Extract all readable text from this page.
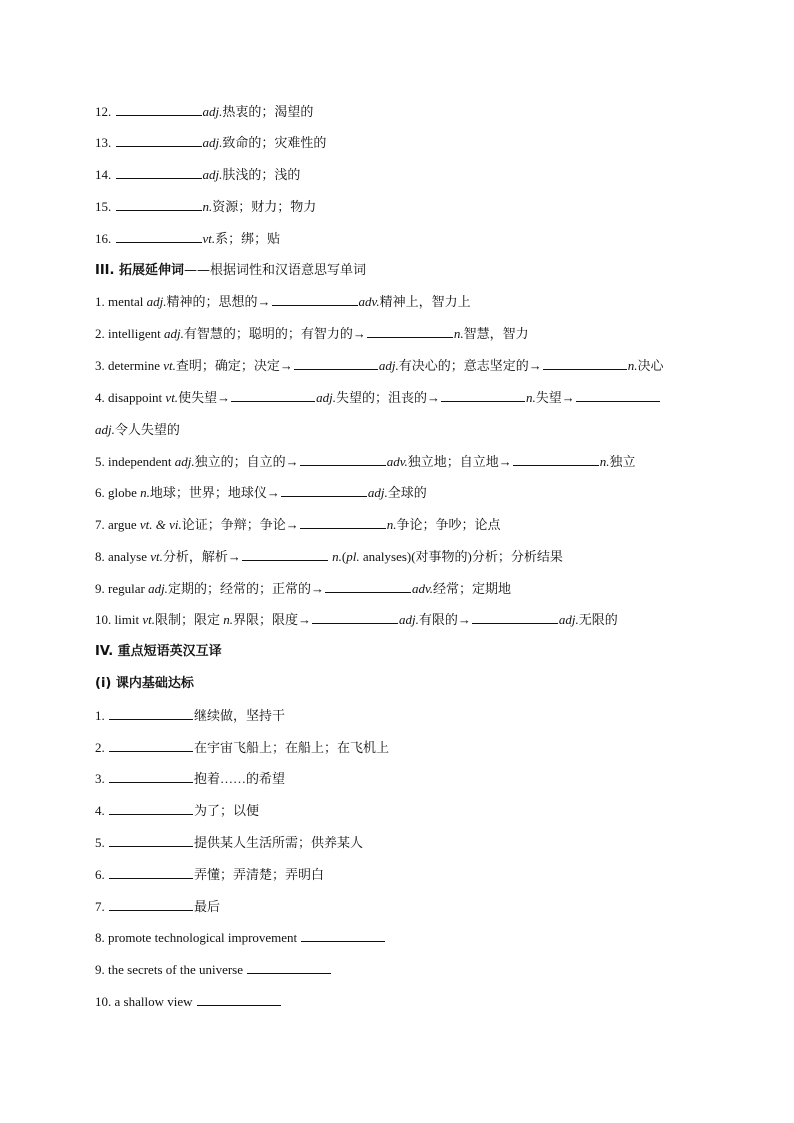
12.	adj.热衷的；渴望的
13.	adj.致命的；灾难性的
14.	adj.肤浅的；浅的
15.	n.资源；财力；物力
16.	vt.系；绑；贴
III. 拓展延伸词——根据词性和汉语意思写单词
1. mental adj.精神的；思想的→	adv.精神上，智力上
2. intelligent adj.有智慧的；聪明的；有智力的→	n.智慧，智力
3. determine vt.查明；确定；决定→	adj.有决心的；意志坚定的→	n.决心
4. disappoint vt.使失望→	adj.失望的；沮丧的→	n.失望→
adj.令人失望的
5. independent adj.独立的；自立的→	adv.独立地；自立地→	n.独立
6. globe n.地球；世界；地球仪→	adj.全球的
7. argue vt. & vi.论证；争辩；争论→	n.争论；争吵；论点
8. analyse vt.分析，解析→	n.(pl. analyses)(对事物的)分析；分析结果
9. regular adj.定期的；经常的；正常的→	adv.经常；定期地
10. limit vt.限制；限定 n.界限；限度→	adj.有限的→	adj.无限的
IV. 重点短语英汉互译
(i) 课内基础达标
1.	继续做，坚持干
2.	在宇宙飞船上；在船上；在飞机上
3.	抱着……的希望
4.	为了；以便
5.	提供某人生活所需；供养某人
6.	弄懂；弄清楚；弄明白
7.	最后
8. promote technological improvement
9. the secrets of the universe
10. a shallow view
